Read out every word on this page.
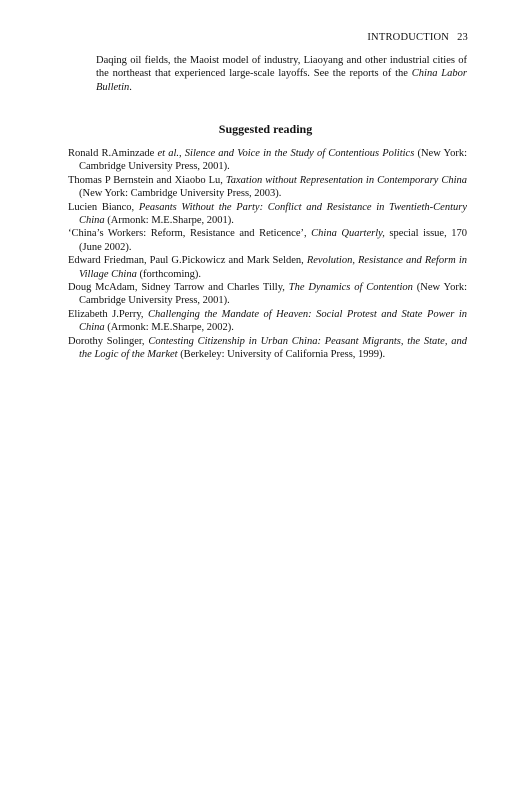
INTRODUCTION 23

Daqing oil fields, the Maoist model of industry, Liaoyang and other industrial cities of the northeast that experienced large-scale layoffs. See the reports of the China Labor Bulletin.

Suggested reading
Ronald R.Aminzade et al., Silence and Voice in the Study of Contentious Politics (New York: Cambridge University Press, 2001).
Thomas P Bernstein and Xiaobo Lu, Taxation without Representation in Contemporary China (New York: Cambridge University Press, 2003).
Lucien Bianco, Peasants Without the Party: Conflict and Resistance in Twentieth-Century China (Armonk: M.E.Sharpe, 2001).
‘China’s Workers: Reform, Resistance and Reticence’, China Quarterly, special issue, 170 (June 2002).
Edward Friedman, Paul G.Pickowicz and Mark Selden, Revolution, Resistance and Reform in Village China (forthcoming).
Doug McAdam, Sidney Tarrow and Charles Tilly, The Dynamics of Contention (New York: Cambridge University Press, 2001).
Elizabeth J.Perry, Challenging the Mandate of Heaven: Social Protest and State Power in China (Armonk: M.E.Sharpe, 2002).
Dorothy Solinger, Contesting Citizenship in Urban China: Peasant Migrants, the State, and the Logic of the Market (Berkeley: University of California Press, 1999).
